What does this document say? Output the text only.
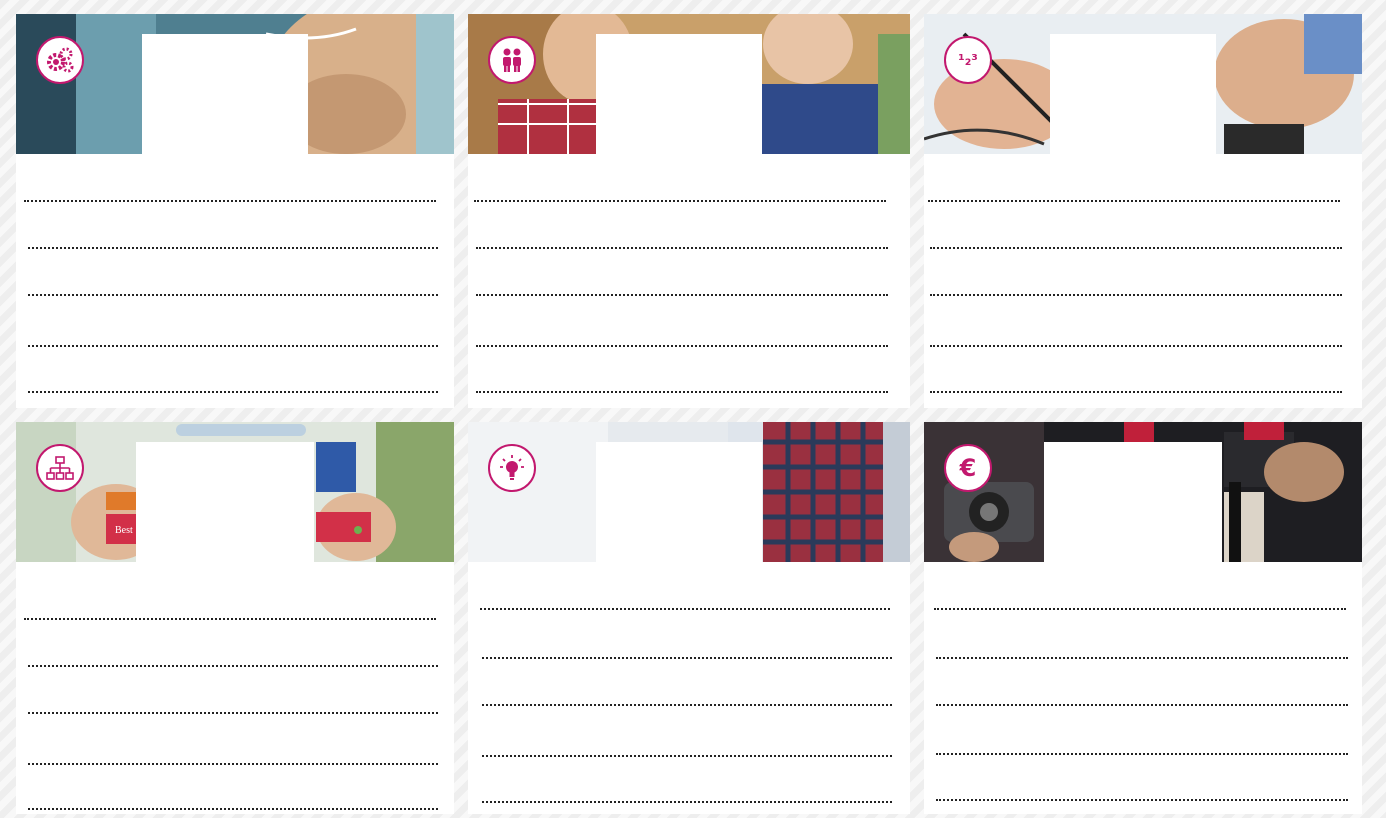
¹₂³
Best
€
